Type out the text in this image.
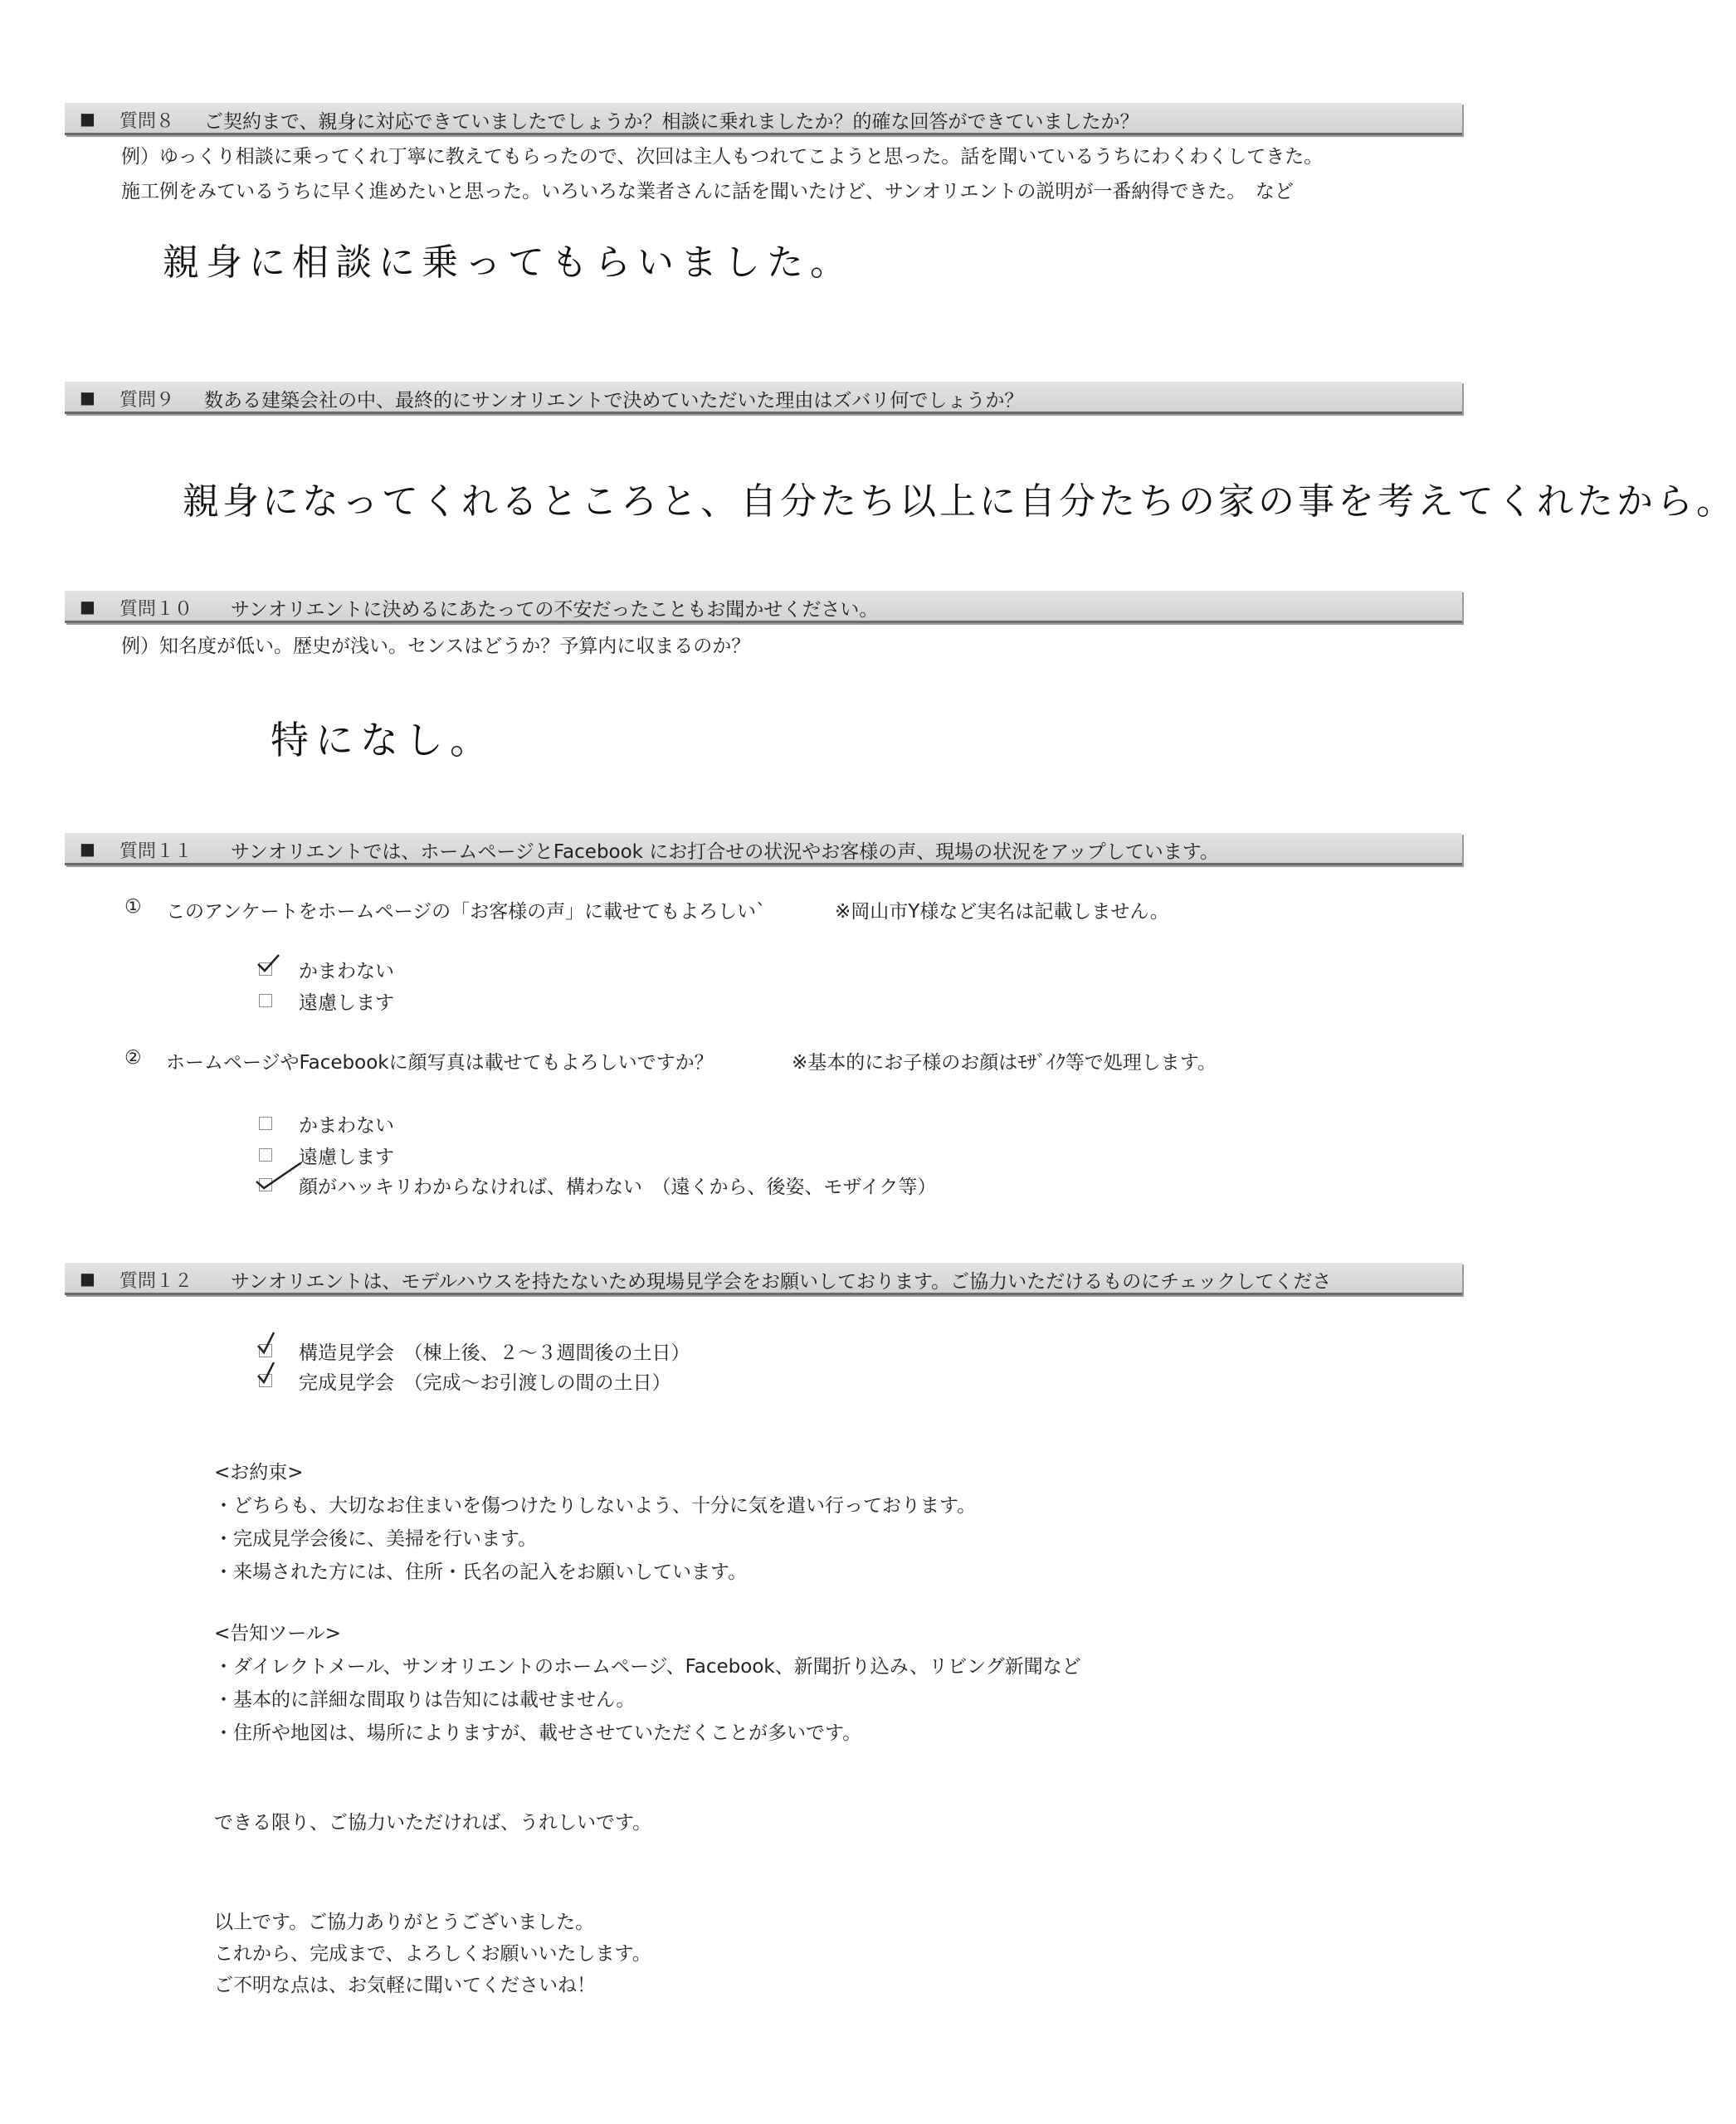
■ 質問８ ご契約まで、親身に対応できていましたでしょうか？相談に乗れましたか？的確な回答ができていましたか？
例）ゆっくり相談に乗ってくれ丁寧に教えてもらったので、次回は主人もつれてこようと思った。話を聞いているうちにわくわくしてきた。
施工例をみているうちに早く進めたいと思った。いろいろな業者さんに話を聞いたけど、サンオリエントの説明が一番納得できた。　など
親身に相談に乗ってもらいました。
■ 質問９ 数ある建築会社の中、最終的にサンオリエントで決めていただいた理由はズバリ何でしょうか？
親身になってくれるところと、自分たち以上に自分たちの家の事を考えてくれたから。
■ 質問１０ サンオリエントに決めるにあたっての不安だったこともお聞かせください。
例）知名度が低い。歴史が浅い。センスはどうか？予算内に収まるのか？
特になし。
■ 質問１１ サンオリエントでは、ホームページとFacebook にお打合せの状況やお客様の声、現場の状況をアップしています。
① このアンケートをホームページの「お客様の声」に載せてもよろしい`	※岡山市Y様など実名は記載しません。
かまわない
遠慮します
② ホームページやFacebookに顔写真は載せてもよろしいですか？	※基本的にお子様のお顔はﾓｻﾞｲｸ等で処理します。
かまわない
遠慮します
顔がハッキリわからなければ、構わない　（遠くから、後姿、モザイク等）
■ 質問１２ サンオリエントは、モデルハウスを持たないため現場見学会をお願いしております。ご協力いただけるものにチェックしてくださ
構造見学会　（棟上後、２～３週間後の土日）
完成見学会　（完成～お引渡しの間の土日）
<お約束>
・どちらも、大切なお住まいを傷つけたりしないよう、十分に気を遣い行っております。
・完成見学会後に、美掃を行います。
・来場された方には、住所・氏名の記入をお願いしています。
<告知ツール>
・ダイレクトメール、サンオリエントのホームページ、Facebook、新聞折り込み、リビング新聞など
・基本的に詳細な間取りは告知には載せません。
・住所や地図は、場所によりますが、載せさせていただくことが多いです。
できる限り、ご協力いただければ、うれしいです。
以上です。ご協力ありがとうございました。
これから、完成まで、よろしくお願いいたします。
ご不明な点は、お気軽に聞いてくださいね！
